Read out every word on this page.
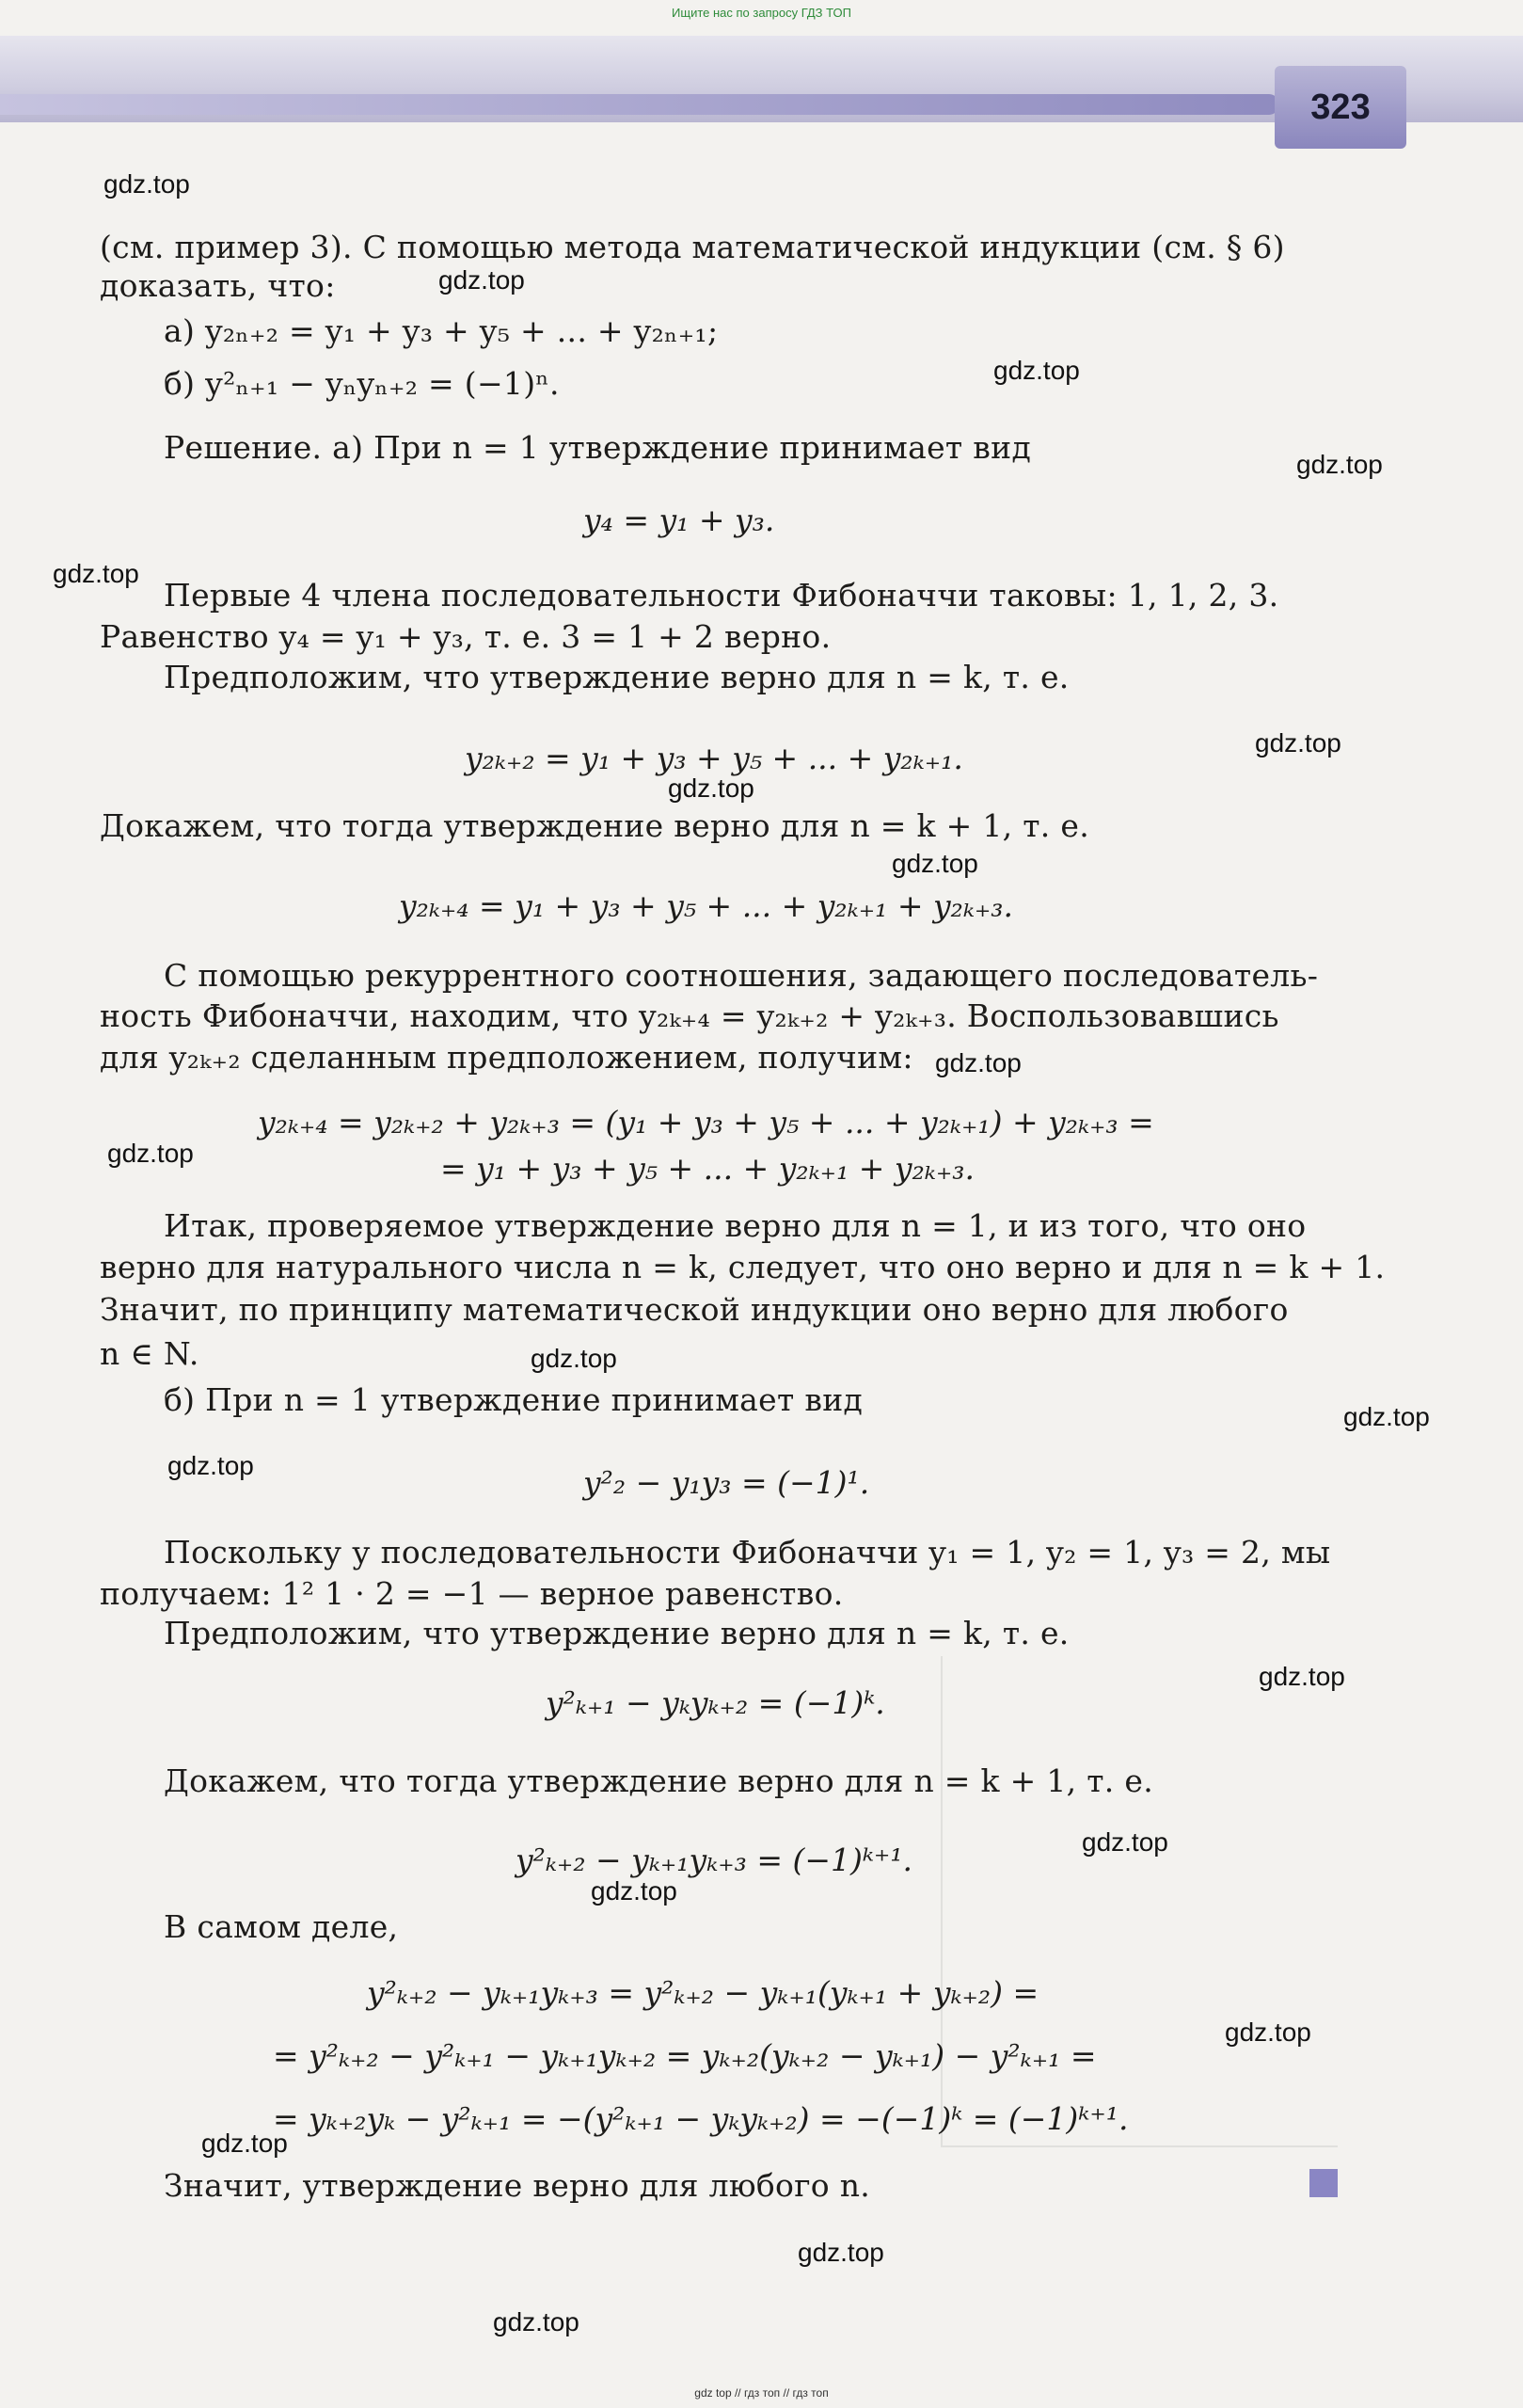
Ищите нас по запросу ГДЗ ТОП
323
(см. пример 3). С помощью метода математической индукции (см. § 6)
доказать, что:
а) y₂ₙ₊₂ = y₁ + y₃ + y₅ + ... + y₂ₙ₊₁;
б) y²ₙ₊₁ − yₙyₙ₊₂ = (−1)ⁿ.
Решение. а) При n = 1 утверждение принимает вид
y₄ = y₁ + y₃.
Первые 4 члена последовательности Фибоначчи таковы: 1, 1, 2, 3.
Равенство y₄ = y₁ + y₃, т. е. 3 = 1 + 2 верно.
Предположим, что утверждение верно для n = k, т. е.
y₂ₖ₊₂ = y₁ + y₃ + y₅ + ... + y₂ₖ₊₁.
Докажем, что тогда утверждение верно для n = k + 1, т. е.
y₂ₖ₊₄ = y₁ + y₃ + y₅ + ... + y₂ₖ₊₁ + y₂ₖ₊₃.
С помощью рекуррентного соотношения, задающего последователь-
ность Фибоначчи, находим, что y₂ₖ₊₄ = y₂ₖ₊₂ + y₂ₖ₊₃. Воспользовавшись
для y₂ₖ₊₂ сделанным предположением, получим:
y₂ₖ₊₄ = y₂ₖ₊₂ + y₂ₖ₊₃ = (y₁ + y₃ + y₅ + ... + y₂ₖ₊₁) + y₂ₖ₊₃ =
= y₁ + y₃ + y₅ + ... + y₂ₖ₊₁ + y₂ₖ₊₃.
Итак, проверяемое утверждение верно для n = 1, и из того, что оно
верно для натурального числа n = k, следует, что оно верно и для n = k + 1.
Значит, по принципу математической индукции оно верно для любого
n ∈ N.
б) При n = 1 утверждение принимает вид
y²₂ − y₁y₃ = (−1)¹.
Поскольку у последовательности Фибоначчи y₁ = 1, y₂ = 1, y₃ = 2, мы
получаем: 1² 1 · 2 = −1 — верное равенство.
Предположим, что утверждение верно для n = k, т. е.
y²ₖ₊₁ − yₖyₖ₊₂ = (−1)ᵏ.
Докажем, что тогда утверждение верно для n = k + 1, т. е.
y²ₖ₊₂ − yₖ₊₁yₖ₊₃ = (−1)ᵏ⁺¹.
В самом деле,
y²ₖ₊₂ − yₖ₊₁yₖ₊₃ = y²ₖ₊₂ − yₖ₊₁(yₖ₊₁ + yₖ₊₂) =
= y²ₖ₊₂ − y²ₖ₊₁ − yₖ₊₁yₖ₊₂ = yₖ₊₂(yₖ₊₂ − yₖ₊₁) − y²ₖ₊₁ =
= yₖ₊₂yₖ − y²ₖ₊₁ = −(y²ₖ₊₁ − yₖyₖ₊₂) = −(−1)ᵏ = (−1)ᵏ⁺¹.
Значит, утверждение верно для любого n.
gdz.top
gdz.top
gdz.top
gdz.top
gdz.top
gdz.top
gdz.top
gdz.top
gdz.top
gdz.top
gdz.top
gdz.top
gdz.top
gdz.top
gdz.top
gdz.top
gdz.top
gdz.top
gdz.top
gdz.top
gdz top // гдз топ // гдз топ
